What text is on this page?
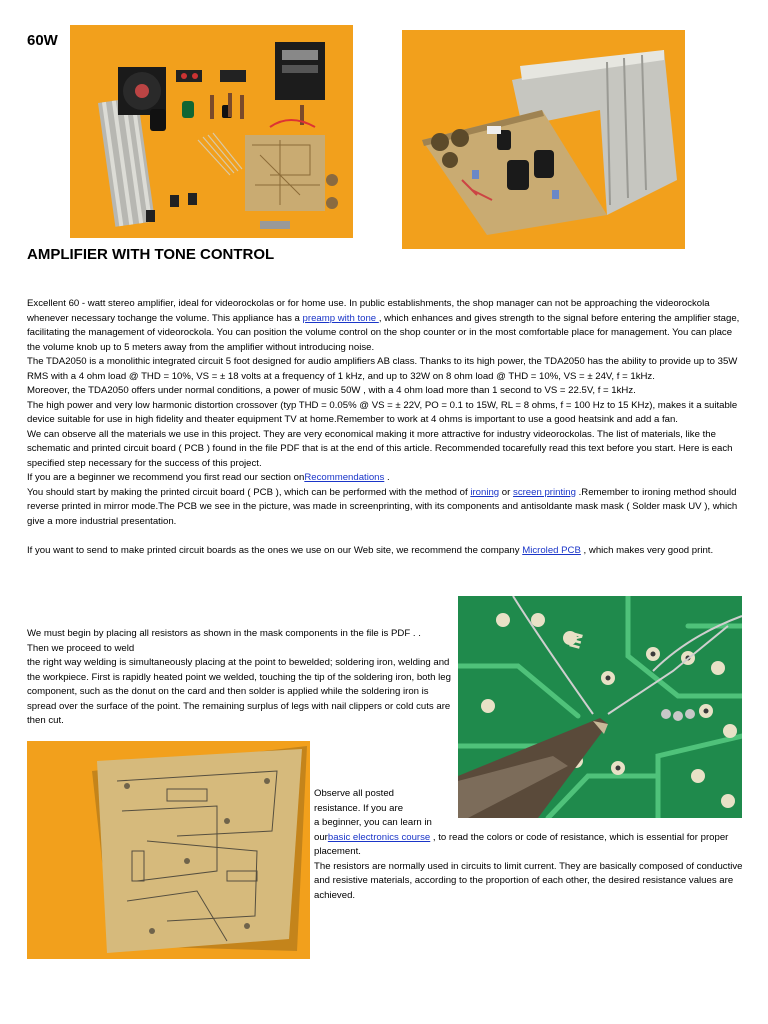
60W
AMPLIFIER WITH TONE CONTROL

Excellent 60 - watt stereo amplifier, ideal for videorockolas or for home use. In public establishments, the shop manager can not be approaching the videorockola whenever necessary tochange the volume. This appliance has a preamp with tone , which enhances and gives strength to the signal before entering the amplifier stage, facilitating the management of videorockola. You can position the volume control on the shop counter or in the most comfortable place for management. You can place the volume knob up to 5 meters away from the amplifier without introducing noise.

The TDA2050 is a monolithic integrated circuit 5 foot designed for audio amplifiers AB class. Thanks to its high power, the TDA2050 has the ability to provide up to 35W RMS with a 4 ohm load @ THD = 10%, VS = ± 18 volts at a frequency of 1 kHz, and up to 32W on 8 ohm load @ THD = 10%, VS = ± 24V, f = 1kHz.

Moreover, the TDA2050 offers under normal conditions, a power of music 50W , with a 4 ohm load more than 1 second to VS = 22.5V, f = 1kHz.

The high power and very low harmonic distortion crossover (typ THD = 0.05% @ VS = ± 22V, PO = 0.1 to 15W, RL = 8 ohms, f = 100 Hz to 15 KHz), makes it a suitable device suitable for use in high fidelity and theater equipment TV at home.Remember to work at 4 ohms is important to use a good heatsink and add a fan.

We can observe all the materials we use in this project. They are very economical making it more attractive for industry videorockolas. The list of materials, like the schematic and printed circuit board ( PCB ) found in the file PDF that is at the end of this article. Recommended tocarefully read this text before you start. Here is each specified step necessary for the success of this project.

If you are a beginner we recommend you first read our section onRecommendations .

You should start by making the printed circuit board ( PCB ), which can be performed with the method of ironing or screen printing .Remember to ironing method should reverse printed in mirror mode.The PCB we see in the picture, was made in screenprinting, with its components and antisoldante mask mask ( Solder mask UV ), which give a more industrial presentation.

If you want to send to make printed circuit boards as the ones we use on our Web site, we recommend the company Microled PCB , which makes very good print.

We must begin by placing all resistors as shown in the mask components in the file is PDF . .

Then we proceed to weld

the right way welding is simultaneously placing at the point to bewelded; soldering iron, welding and the workpiece. First is rapidly heated point we welded, touching the tip of the soldering iron, both leg component, such as the donut on the card and then solder is applied while the soldering iron is spread over the surface of the point. The remaining surplus of legs with nail clippers or cold cuts are then cut.

IN

Observe all posted

resistance. If you are

a beginner, you can learn in

ourbasic electronics course , to read the colors or code of resistance, which is essential for proper placement.

The resistors are normally used in circuits to limit current. They are basically composed of conductive and resistive materials, according to the proportion of each other, the desired resistance values are achieved.
